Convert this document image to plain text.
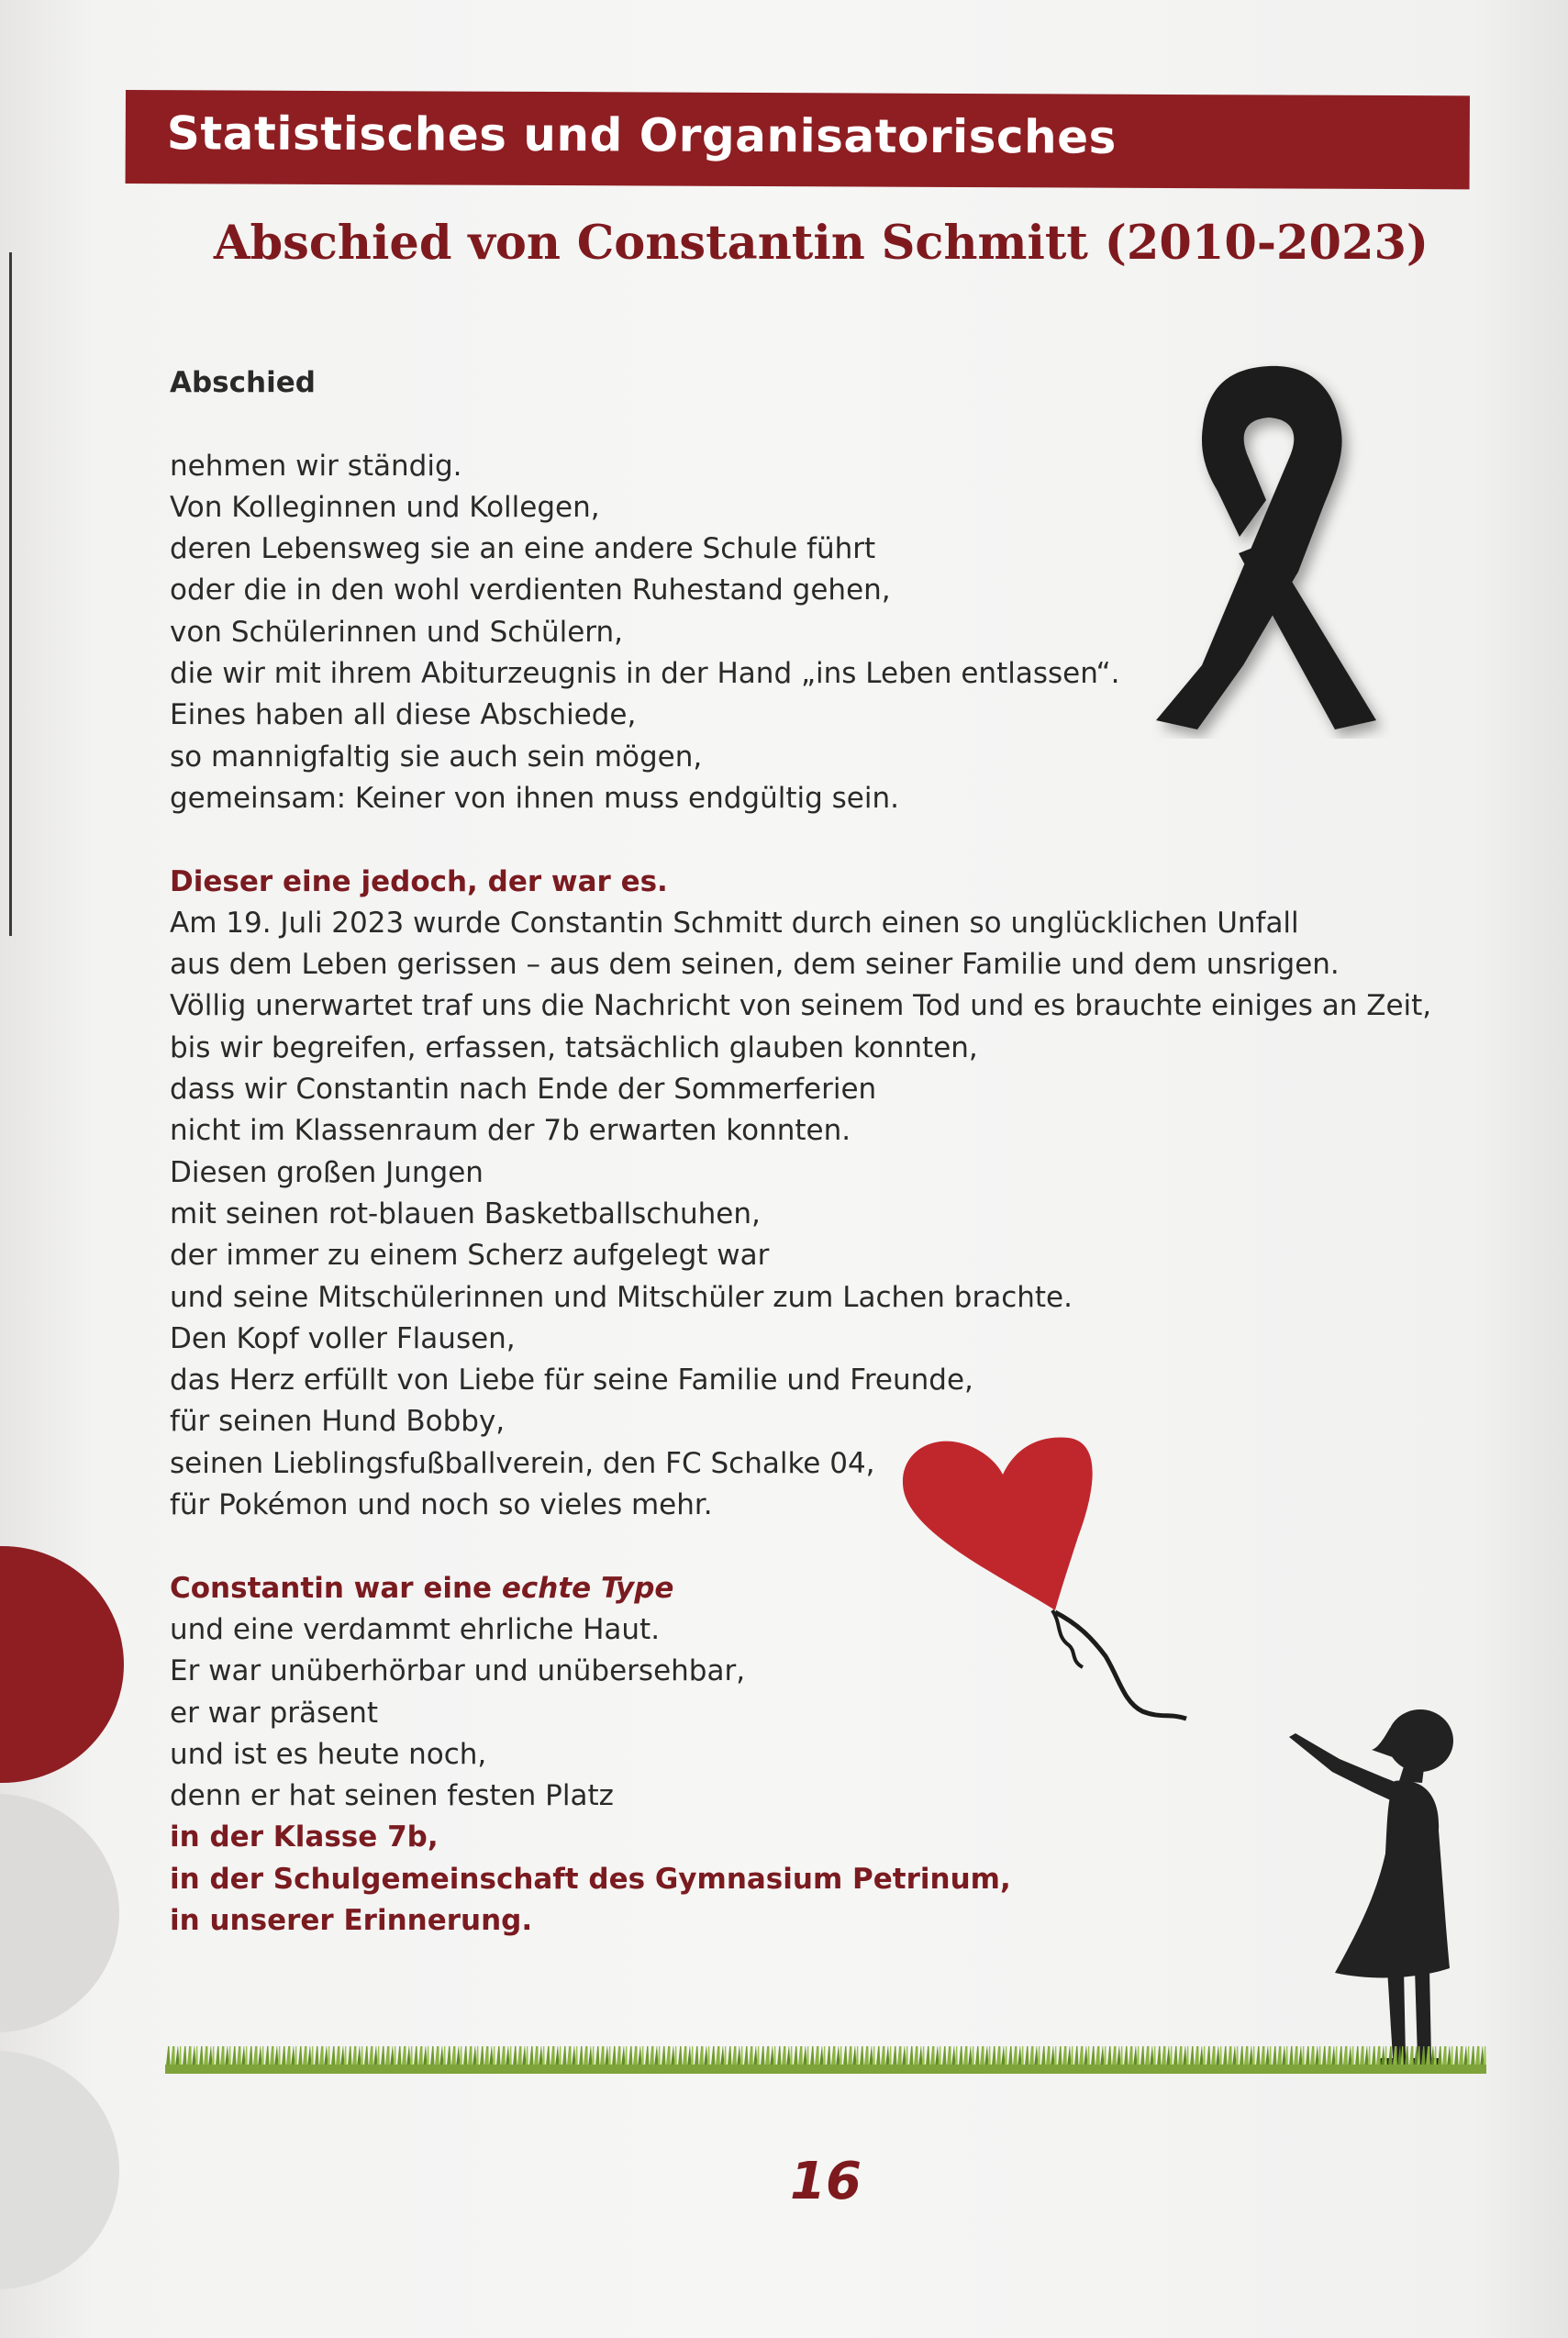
Statistisches und Organisatorisches
Abschied von Constantin Schmitt (2010-2023)
Abschied
nehmen wir ständig.
Von Kolleginnen und Kollegen,
deren Lebensweg sie an eine andere Schule führt
oder die in den wohl verdienten Ruhestand gehen,
von Schülerinnen und Schülern,
die wir mit ihrem Abiturzeugnis in der Hand „ins Leben entlassen“.
Eines haben all diese Abschiede,
so mannigfaltig sie auch sein mögen,
gemeinsam: Keiner von ihnen muss endgültig sein.
Dieser eine jedoch, der war es.
Am 19. Juli 2023 wurde Constantin Schmitt durch einen so unglücklichen Unfall
aus dem Leben gerissen – aus dem seinen, dem seiner Familie und dem unsrigen.
Völlig unerwartet traf uns die Nachricht von seinem Tod und es brauchte einiges an Zeit,
bis wir begreifen, erfassen, tatsächlich glauben konnten,
dass wir Constantin nach Ende der Sommerferien
nicht im Klassenraum der 7b erwarten konnten.
Diesen großen Jungen
mit seinen rot-blauen Basketballschuhen,
der immer zu einem Scherz aufgelegt war
und seine Mitschülerinnen und Mitschüler zum Lachen brachte.
Den Kopf voller Flausen,
das Herz erfüllt von Liebe für seine Familie und Freunde,
für seinen Hund Bobby,
seinen Lieblingsfußballverein, den FC Schalke 04,
für Pokémon und noch so vieles mehr.
Constantin war eine echte Type
und eine verdammt ehrliche Haut.
Er war unüberhörbar und unübersehbar,
er war präsent
und ist es heute noch,
denn er hat seinen festen Platz
in der Klasse 7b,
in der Schulgemeinschaft des Gymnasium Petrinum,
in unserer Erinnerung.
16
